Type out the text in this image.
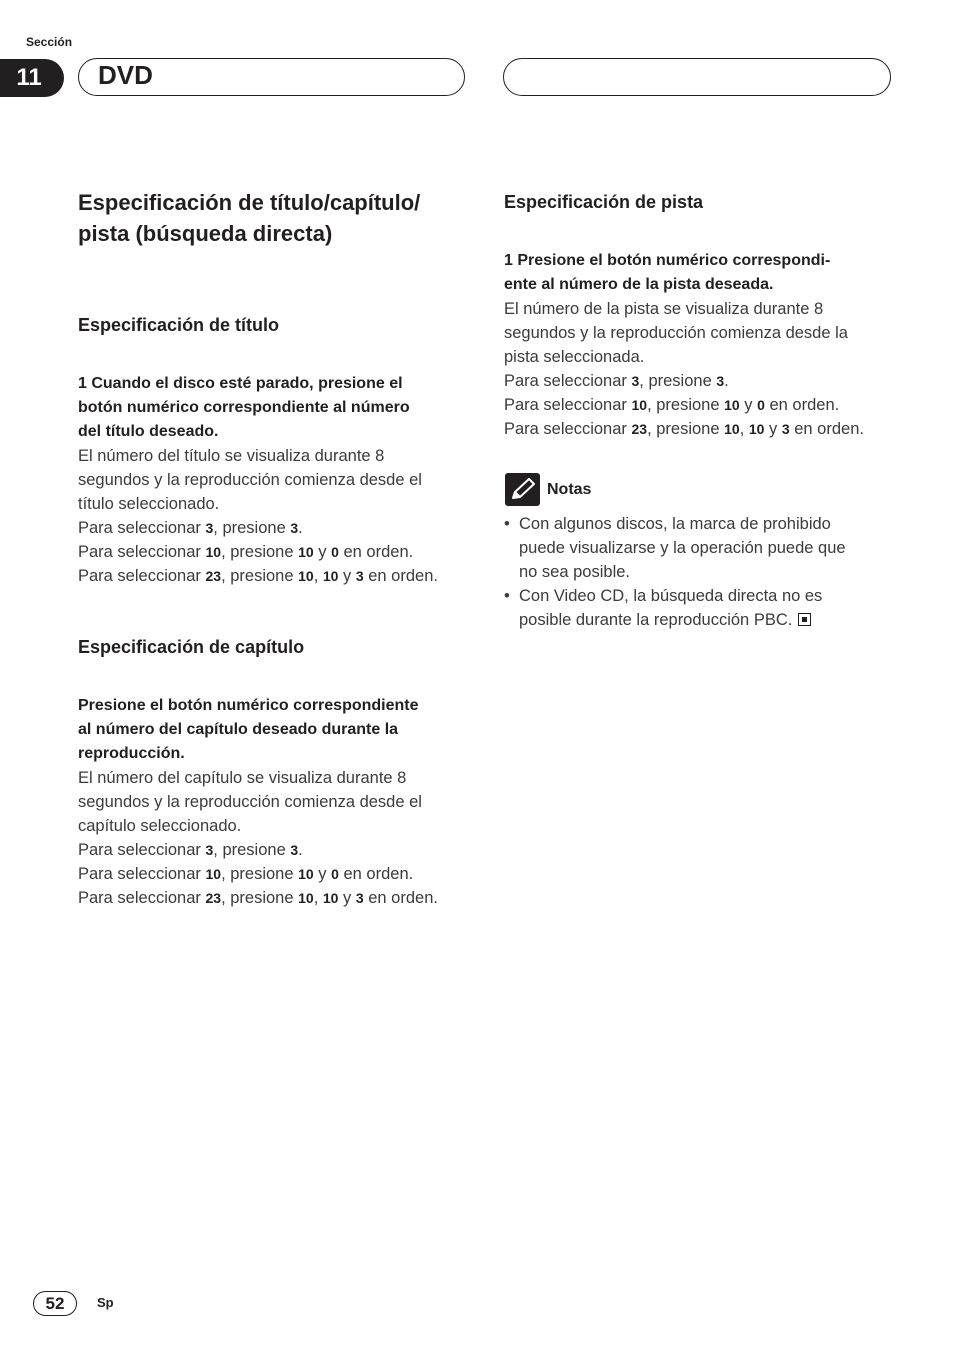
Sección
11	DVD
Especificación de título/capítulo/
pista (búsqueda directa)
Especificación de título
1 Cuando el disco esté parado, presione el
botón numérico correspondiente al número
del título deseado.
El número del título se visualiza durante 8
segundos y la reproducción comienza desde el
título seleccionado.
Para seleccionar 3, presione 3.
Para seleccionar 10, presione 10 y 0 en orden.
Para seleccionar 23, presione 10, 10 y 3 en orden.
Especificación de capítulo
Presione el botón numérico correspondiente
al número del capítulo deseado durante la
reproducción.
El número del capítulo se visualiza durante 8
segundos y la reproducción comienza desde el
capítulo seleccionado.
Para seleccionar 3, presione 3.
Para seleccionar 10, presione 10 y 0 en orden.
Para seleccionar 23, presione 10, 10 y 3 en orden.
Especificación de pista
1 Presione el botón numérico correspondi-
ente al número de la pista deseada.
El número de la pista se visualiza durante 8
segundos y la reproducción comienza desde la
pista seleccionada.
Para seleccionar 3, presione 3.
Para seleccionar 10, presione 10 y 0 en orden.
Para seleccionar 23, presione 10, 10 y 3 en orden.
Notas
• Con algunos discos, la marca de prohibido
puede visualizarse y la operación puede que
no sea posible.
• Con Video CD, la búsqueda directa no es
posible durante la reproducción PBC.
52	Sp
